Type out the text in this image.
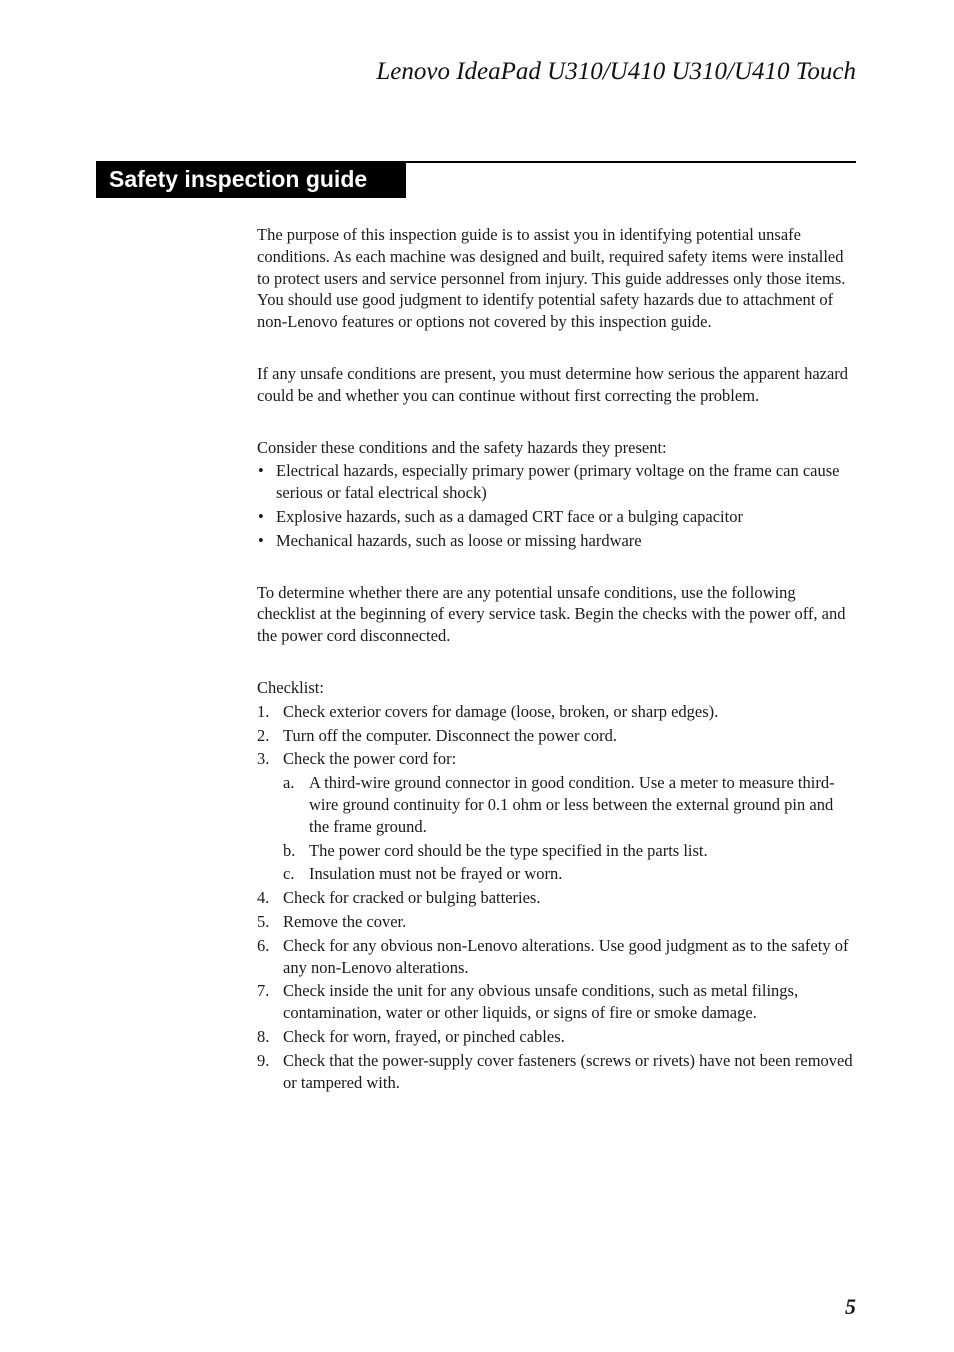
Lenovo IdeaPad U310/U410 U310/U410 Touch
Safety inspection guide

The purpose of this inspection guide is to assist you in identifying potential unsafe conditions. As each machine was designed and built, required safety items were installed to protect users and service personnel from injury. This guide addresses only those items. You should use good judgment to identify potential safety hazards due to attachment of non-Lenovo features or options not covered by this inspection guide.

If any unsafe conditions are present, you must determine how serious the apparent hazard could be and whether you can continue without first correcting the problem.

Consider these conditions and the safety hazards they present:

• Electrical hazards, especially primary power (primary voltage on the frame can cause serious or fatal electrical shock)
• Explosive hazards, such as a damaged CRT face or a bulging capacitor
• Mechanical hazards, such as loose or missing hardware

To determine whether there are any potential unsafe conditions, use the following checklist at the beginning of every service task. Begin the checks with the power off, and the power cord disconnected.

Checklist:

1. Check exterior covers for damage (loose, broken, or sharp edges).
2. Turn off the computer. Disconnect the power cord.
3. Check the power cord for:
a. A third-wire ground connector in good condition. Use a meter to measure third-wire ground continuity for 0.1 ohm or less between the external ground pin and the frame ground.
b. The power cord should be the type specified in the parts list.
c. Insulation must not be frayed or worn.
4. Check for cracked or bulging batteries.
5. Remove the cover.
6. Check for any obvious non-Lenovo alterations. Use good judgment as to the safety of any non-Lenovo alterations.
7. Check inside the unit for any obvious unsafe conditions, such as metal filings, contamination, water or other liquids, or signs of fire or smoke damage.
8. Check for worn, frayed, or pinched cables.
9. Check that the power-supply cover fasteners (screws or rivets) have not been removed or tampered with.
5
